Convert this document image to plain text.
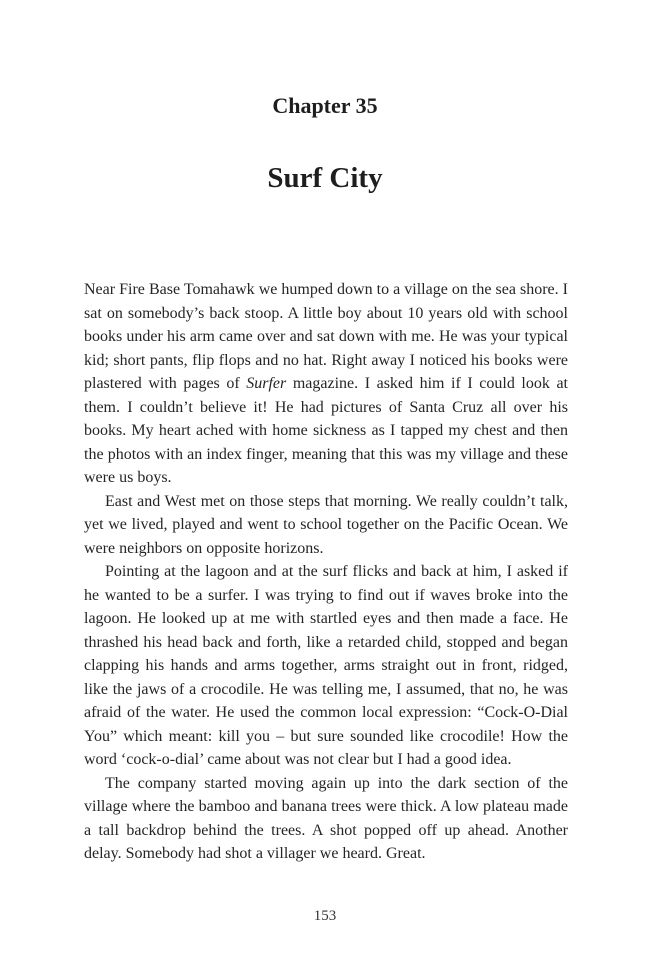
Chapter 35
Surf City

Near Fire Base Tomahawk we humped down to a village on the sea shore. I sat on somebody’s back stoop. A little boy about 10 years old with school books under his arm came over and sat down with me. He was your typical kid; short pants, flip flops and no hat. Right away I noticed his books were plastered with pages of Surfer magazine. I asked him if I could look at them. I couldn’t believe it! He had pictures of Santa Cruz all over his books. My heart ached with home sickness as I tapped my chest and then the photos with an index finger, meaning that this was my village and these were us boys.

East and West met on those steps that morning. We really couldn’t talk, yet we lived, played and went to school together on the Pacific Ocean. We were neighbors on opposite horizons.

Pointing at the lagoon and at the surf flicks and back at him, I asked if he wanted to be a surfer. I was trying to find out if waves broke into the lagoon. He looked up at me with startled eyes and then made a face. He thrashed his head back and forth, like a retarded child, stopped and began clapping his hands and arms together, arms straight out in front, ridged, like the jaws of a crocodile. He was telling me, I assumed, that no, he was afraid of the water. He used the common local expression: “Cock-O-Dial You” which meant: kill you – but sure sounded like crocodile! How the word ‘cock-o-dial’ came about was not clear but I had a good idea.

The company started moving again up into the dark section of the village where the bamboo and banana trees were thick. A low plateau made a tall backdrop behind the trees. A shot popped off up ahead. Another delay. Somebody had shot a villager we heard. Great.

153
